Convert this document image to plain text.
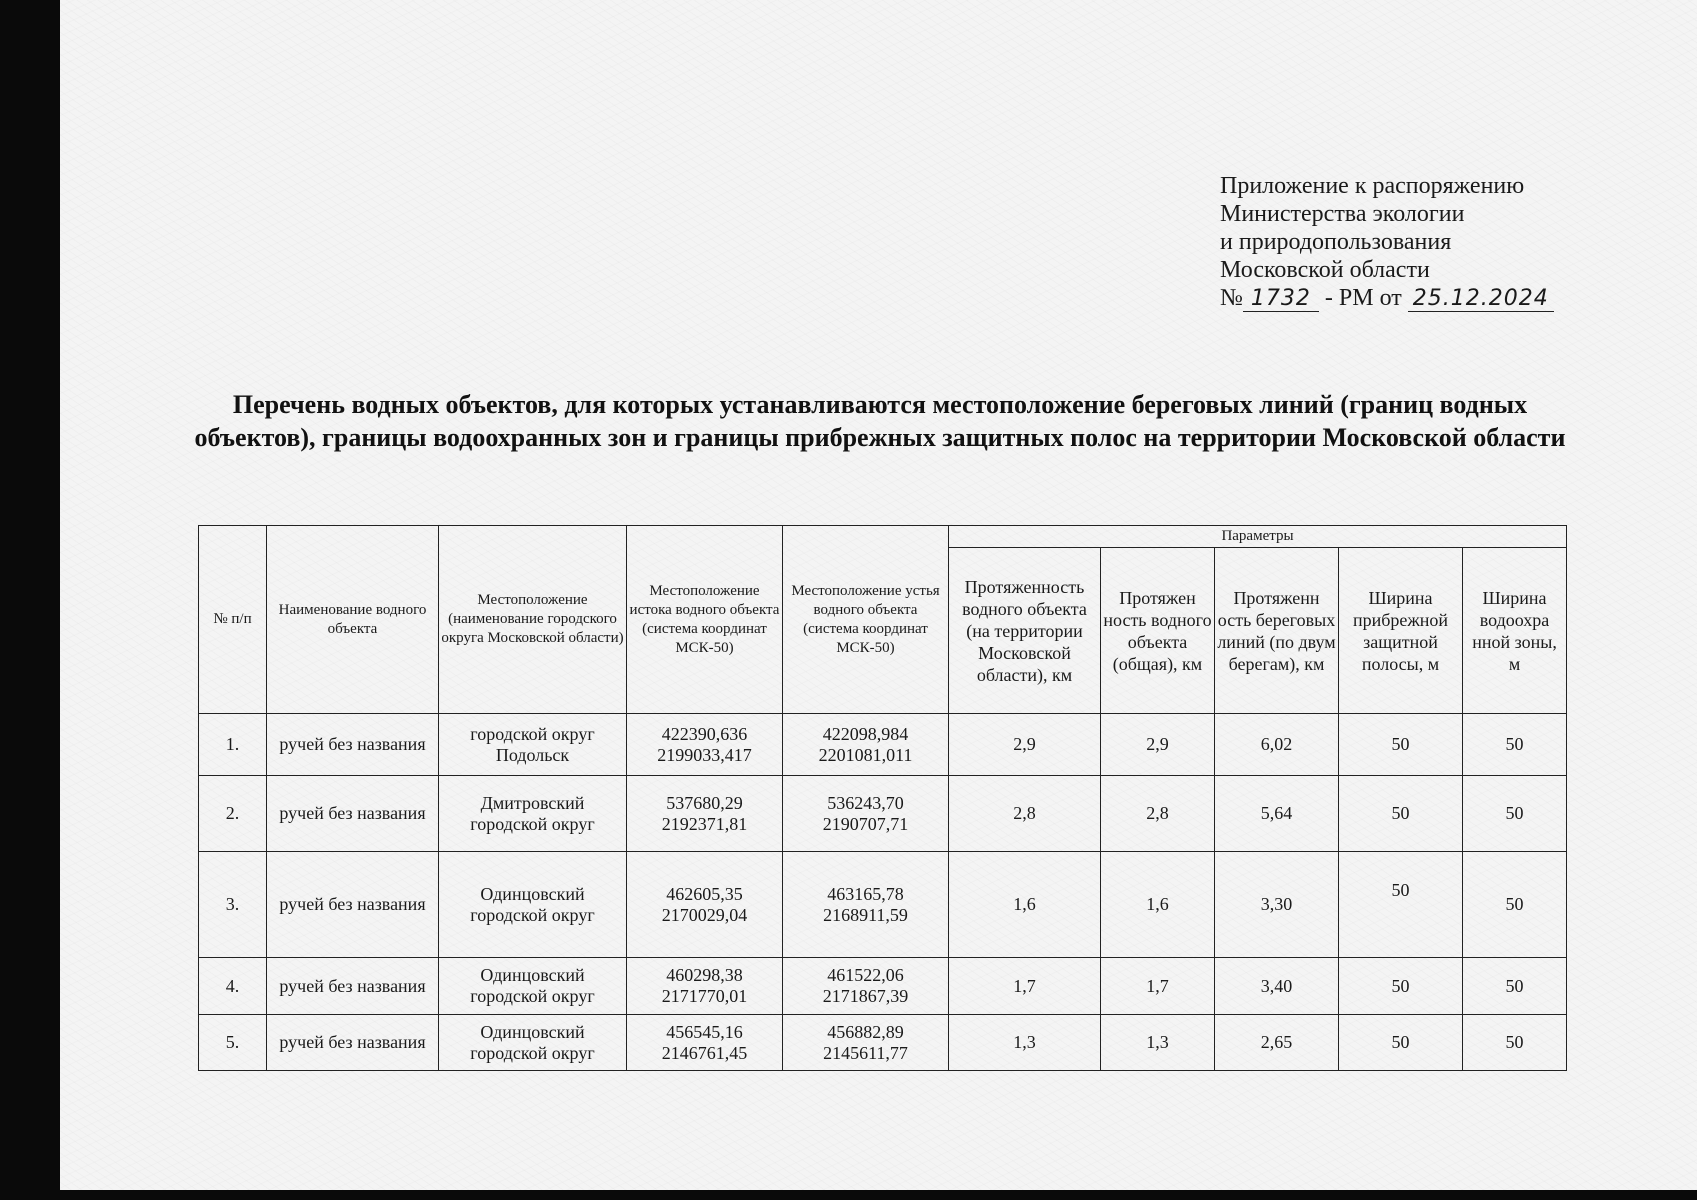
Приложение к распоряжению
Министерства экологии
и природопользования
Московской области
№ 1732 - РМ от 25.12.2024
Перечень водных объектов, для которых устанавливаются местоположение береговых линий (границ водных объектов), границы водоохранных зон и границы прибрежных защитных полос на территории Московской области
№ п/п	Наименование водного объекта	Местоположение (наименование городского округа Московской области)	Местоположение истока водного объекта (система координат МСК-50)	Местоположение устья водного объекта (система координат МСК-50)	Параметры				
					Протяженность водного объекта (на территории Московской области), км	Протяжен ность водного объекта (общая), км	Протяженн ость береговых линий (по двум берегам), км	Ширина прибрежной защитной полосы, м	Ширина водоохра нной зоны, м
1.	ручей без названия	городской округ Подольск	422390,636 2199033,417	422098,984 2201081,011	2,9	2,9	6,02	50	50
2.	ручей без названия	Дмитровский городской округ	537680,29 2192371,81	536243,70 2190707,71	2,8	2,8	5,64	50	50
3.	ручей без названия	Одинцовский городской округ	462605,35 2170029,04	463165,78 2168911,59	1,6	1,6	3,30	50	50
4.	ручей без названия	Одинцовский городской округ	460298,38 2171770,01	461522,06 2171867,39	1,7	1,7	3,40	50	50
5.	ручей без названия	Одинцовский городской округ	456545,16 2146761,45	456882,89 2145611,77	1,3	1,3	2,65	50	50
